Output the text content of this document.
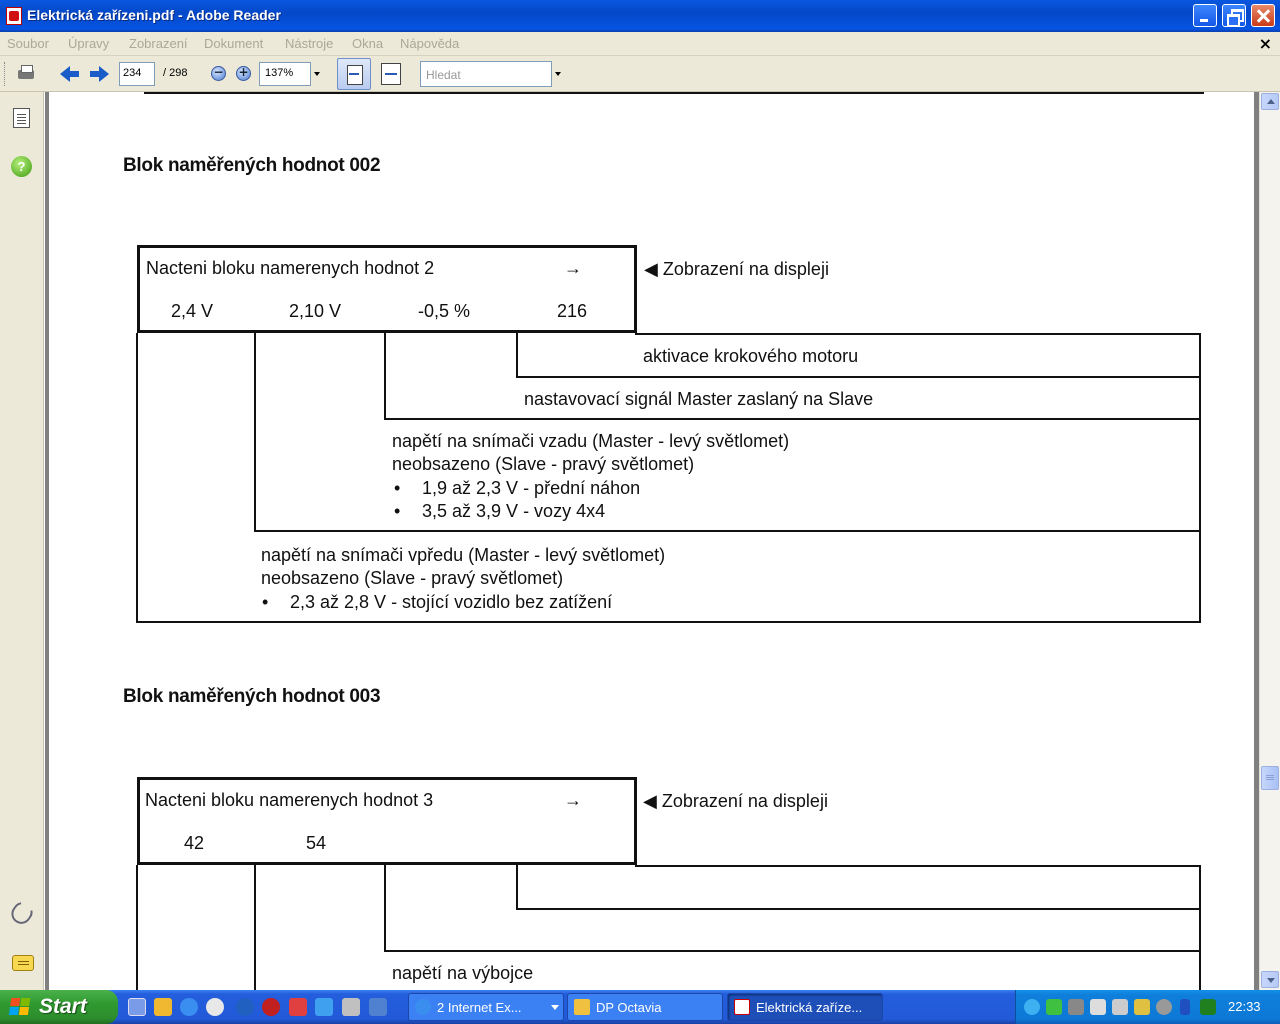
Elektrická zařízeni.pdf - Adobe Reader
Soubor Úpravy Zobrazení Dokument Nástroje Okna Nápověda	×
234	/ 298 − +	137%	Hledat
?	Blok naměřených hodnot 002
Nacteni bloku namerenych hodnot 2	→
2,4 V	2,10 V	-0,5 %	216
◀ Zobrazení na displeji
aktivace krokového motoru
nastavovací signál Master zaslaný na Slave
napětí na snímači vzadu (Master - levý světlomet)
neobsazeno (Slave - pravý světlomet)
• 1,9 až 2,3 V - přední náhon
• 3,5 až 3,9 V - vozy 4x4
napětí na snímači vpředu (Master - levý světlomet)
neobsazeno (Slave - pravý světlomet)
• 2,3 až 2,8 V - stojící vozidlo bez zatížení
Blok naměřených hodnot 003
Nacteni bloku namerenych hodnot 3	→
42	54
◀ Zobrazení na displeji
napětí na výbojce
Start	2 Internet Ex...	DP Octavia	Elektrická zaříze...	22:33
